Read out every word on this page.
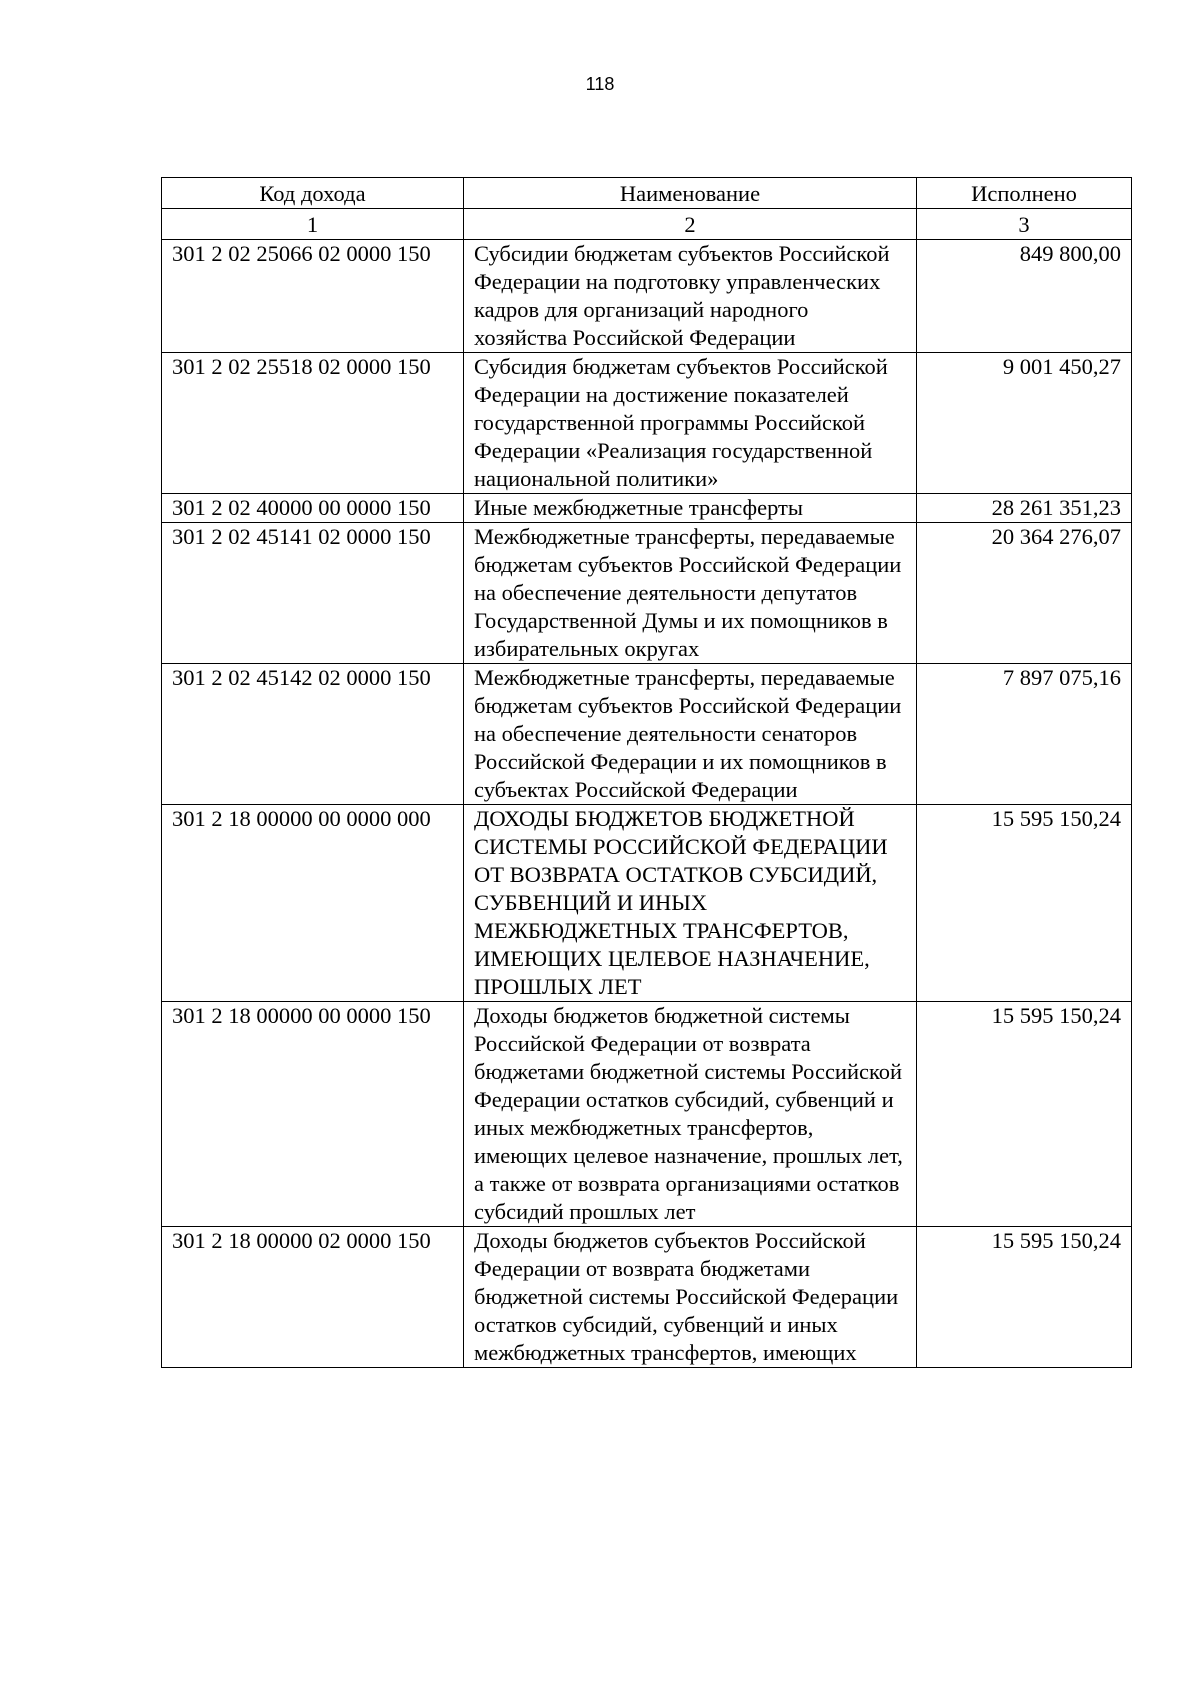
118
Код дохода	Наименование	Исполнено
1	2	3
301 2 02 25066 02 0000 150	Субсидии бюджетам субъектов Российской Федерации на подготовку управленческих кадров для организаций народного хозяйства Российской Федерации	849 800,00
301 2 02 25518 02 0000 150	Субсидия бюджетам субъектов Российской Федерации на достижение показателей государственной программы Российской Федерации «Реализация государственной национальной политики»	9 001 450,27
301 2 02 40000 00 0000 150	Иные межбюджетные трансферты	28 261 351,23
301 2 02 45141 02 0000 150	Межбюджетные трансферты, передаваемые бюджетам субъектов Российской Федерации на обеспечение деятельности депутатов Государственной Думы и их помощников в избирательных округах	20 364 276,07
301 2 02 45142 02 0000 150	Межбюджетные трансферты, передаваемые бюджетам субъектов Российской Федерации на обеспечение деятельности сенаторов Российской Федерации и их помощников в субъектах Российской Федерации	7 897 075,16
301 2 18 00000 00 0000 000	ДОХОДЫ БЮДЖЕТОВ БЮДЖЕТНОЙ СИСТЕМЫ РОССИЙСКОЙ ФЕДЕРАЦИИ ОТ ВОЗВРАТА ОСТАТКОВ СУБСИДИЙ, СУБВЕНЦИЙ И ИНЫХ МЕЖБЮДЖЕТНЫХ ТРАНСФЕРТОВ, ИМЕЮЩИХ ЦЕЛЕВОЕ НАЗНАЧЕНИЕ, ПРОШЛЫХ ЛЕТ	15 595 150,24
301 2 18 00000 00 0000 150	Доходы бюджетов бюджетной системы Российской Федерации от возврата бюджетами бюджетной системы Российской Федерации остатков субсидий, субвенций и иных межбюджетных трансфертов, имеющих целевое назначение, прошлых лет, а также от возврата организациями остатков субсидий прошлых лет	15 595 150,24
301 2 18 00000 02 0000 150	Доходы бюджетов субъектов Российской Федерации от возврата бюджетами бюджетной системы Российской Федерации остатков субсидий, субвенций и иных межбюджетных трансфертов, имеющих	15 595 150,24
